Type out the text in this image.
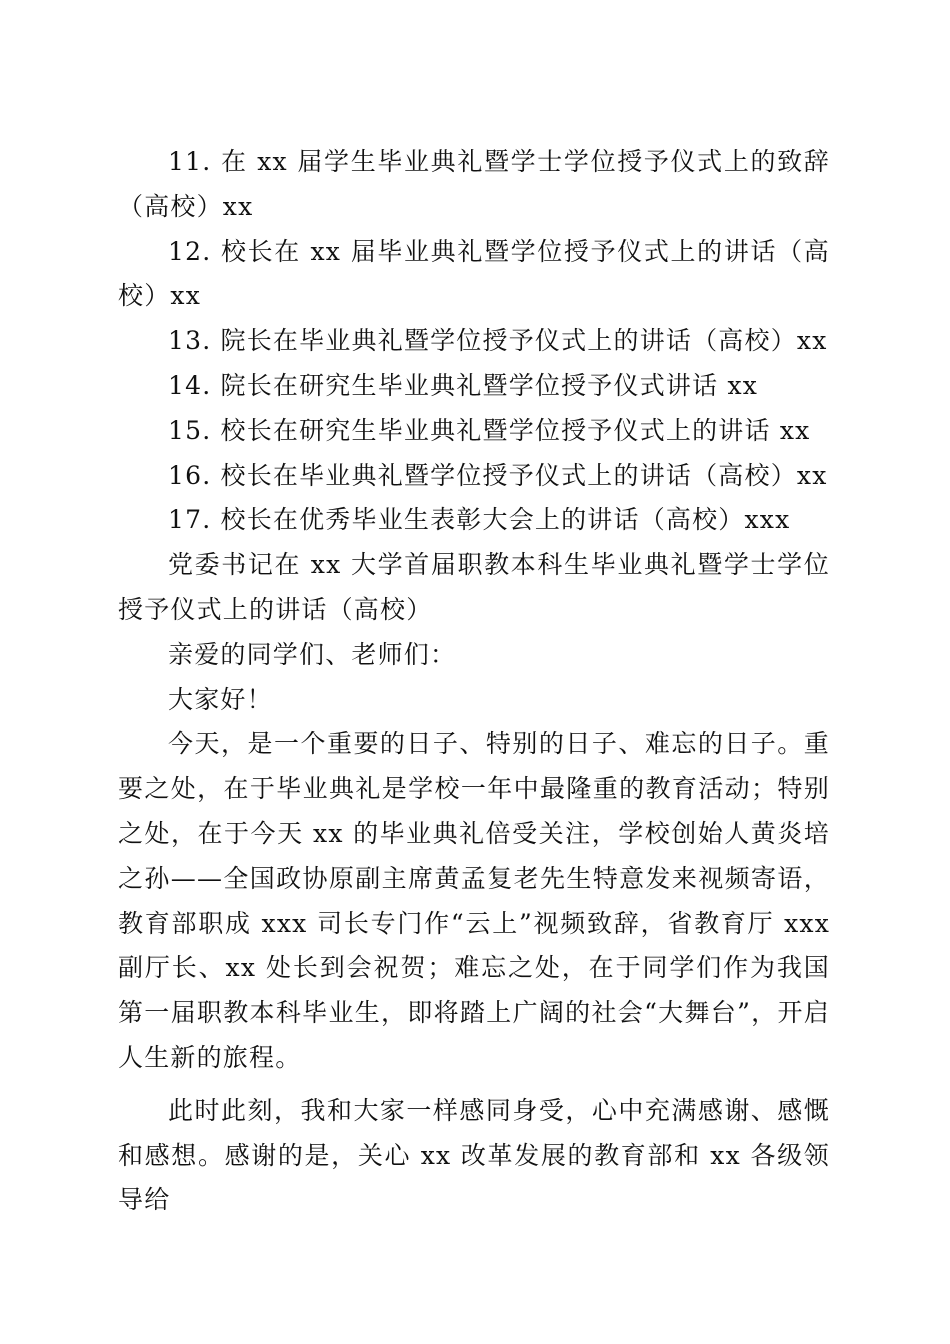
11. 在 xx 届学生毕业典礼暨学士学位授予仪式上的致辞（高校）xx

12. 校长在 xx 届毕业典礼暨学位授予仪式上的讲话（高校）xx

13. 院长在毕业典礼暨学位授予仪式上的讲话（高校）xx

14. 院长在研究生毕业典礼暨学位授予仪式讲话 xx

15. 校长在研究生毕业典礼暨学位授予仪式上的讲话 xx

16. 校长在毕业典礼暨学位授予仪式上的讲话（高校）xx

17. 校长在优秀毕业生表彰大会上的讲话（高校）xxx

党委书记在 xx 大学首届职教本科生毕业典礼暨学士学位授予仪式上的讲话（高校）

亲爱的同学们、老师们：

大家好！

今天，是一个重要的日子、特别的日子、难忘的日子。重要之处，在于毕业典礼是学校一年中最隆重的教育活动；特别之处，在于今天 xx 的毕业典礼倍受关注，学校创始人黄炎培之孙——全国政协原副主席黄孟复老先生特意发来视频寄语，教育部职成 xxx 司长专门作“云上”视频致辞，省教育厅 xxx 副厅长、xx 处长到会祝贺；难忘之处，在于同学们作为我国第一届职教本科毕业生，即将踏上广阔的社会“大舞台”，开启人生新的旅程。

此时此刻，我和大家一样感同身受，心中充满感谢、感慨和感想。感谢的是，关心 xx 改革发展的教育部和 xx 各级领导给
